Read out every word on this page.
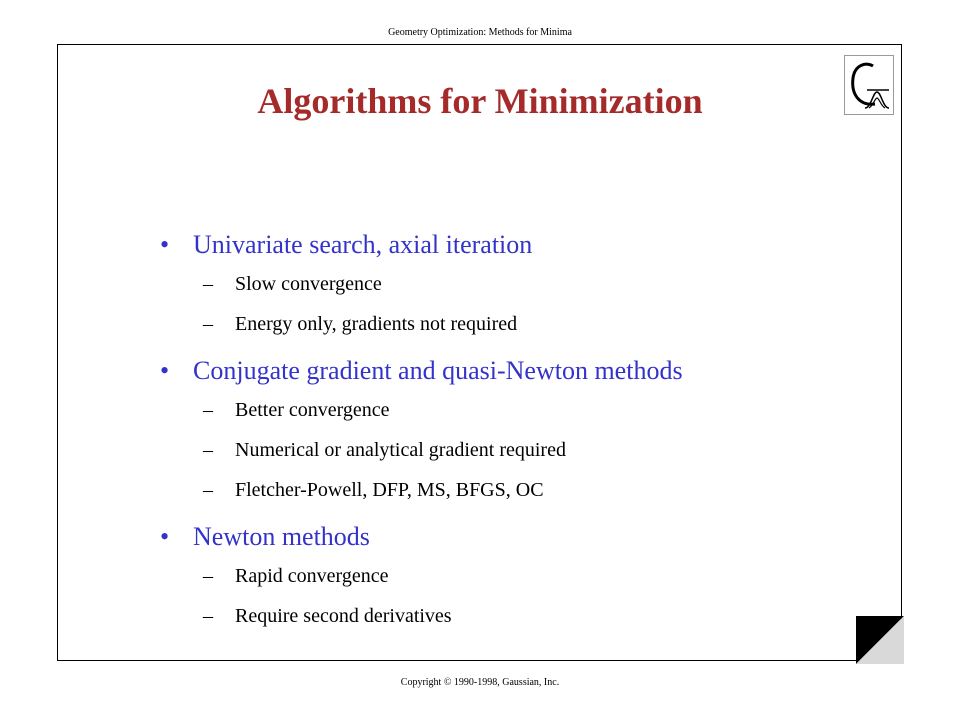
Geometry Optimization: Methods for Minima
Algorithms for Minimization
• Univariate search, axial iteration
–	Slow convergence
–	Energy only, gradients not required
• Conjugate gradient and quasi-Newton methods
–	Better convergence
–	Numerical or analytical gradient required
–	Fletcher-Powell, DFP, MS, BFGS, OC
• Newton methods
–	Rapid convergence
–	Require second derivatives
Copyright © 1990-1998, Gaussian, Inc.
